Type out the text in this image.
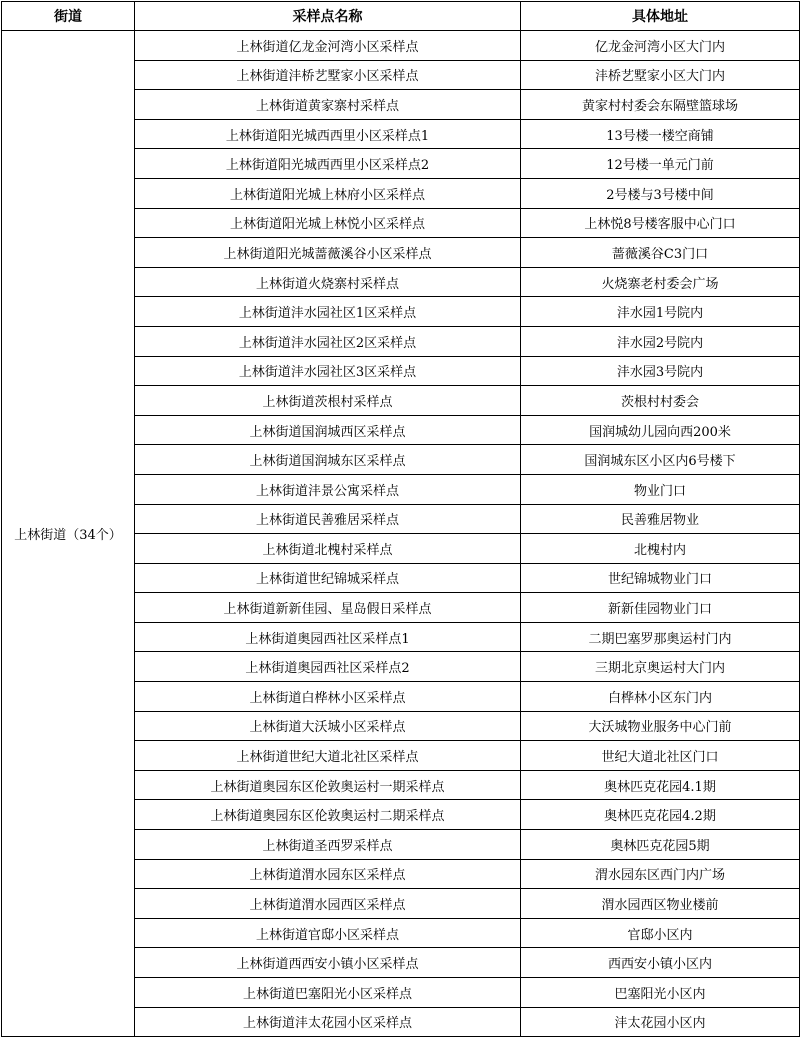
街道	采样点名称	具体地址
上林街道（34个）	上林街道亿龙金河湾小区采样点	亿龙金河湾小区大门内
	上林街道沣桥艺墅家小区采样点	沣桥艺墅家小区大门内
	上林街道黄家寨村采样点	黄家村村委会东隔壁篮球场
	上林街道阳光城西西里小区采样点1	13号楼一楼空商铺
	上林街道阳光城西西里小区采样点2	12号楼一单元门前
	上林街道阳光城上林府小区采样点	2号楼与3号楼中间
	上林街道阳光城上林悦小区采样点	上林悦8号楼客服中心门口
	上林街道阳光城蔷薇溪谷小区采样点	蔷薇溪谷C3门口
	上林街道火烧寨村采样点	火烧寨老村委会广场
	上林街道沣水园社区1区采样点	沣水园1号院内
	上林街道沣水园社区2区采样点	沣水园2号院内
	上林街道沣水园社区3区采样点	沣水园3号院内
	上林街道茨根村采样点	茨根村村委会
	上林街道国润城西区采样点	国润城幼儿园向西200米
	上林街道国润城东区采样点	国润城东区小区内6号楼下
	上林街道沣景公寓采样点	物业门口
	上林街道民善雅居采样点	民善雅居物业
	上林街道北槐村采样点	北槐村内
	上林街道世纪锦城采样点	世纪锦城物业门口
	上林街道新新佳园、星岛假日采样点	新新佳园物业门口
	上林街道奥园西社区采样点1	二期巴塞罗那奥运村门内
	上林街道奥园西社区采样点2	三期北京奥运村大门内
	上林街道白桦林小区采样点	白桦林小区东门内
	上林街道大沃城小区采样点	大沃城物业服务中心门前
	上林街道世纪大道北社区采样点	世纪大道北社区门口
	上林街道奥园东区伦敦奥运村一期采样点	奥林匹克花园4.1期
	上林街道奥园东区伦敦奥运村二期采样点	奥林匹克花园4.2期
	上林街道圣西罗采样点	奥林匹克花园5期
	上林街道渭水园东区采样点	渭水园东区西门内广场
	上林街道渭水园西区采样点	渭水园西区物业楼前
	上林街道官邸小区采样点	官邸小区内
	上林街道西西安小镇小区采样点	西西安小镇小区内
	上林街道巴塞阳光小区采样点	巴塞阳光小区内
	上林街道沣太花园小区采样点	沣太花园小区内
